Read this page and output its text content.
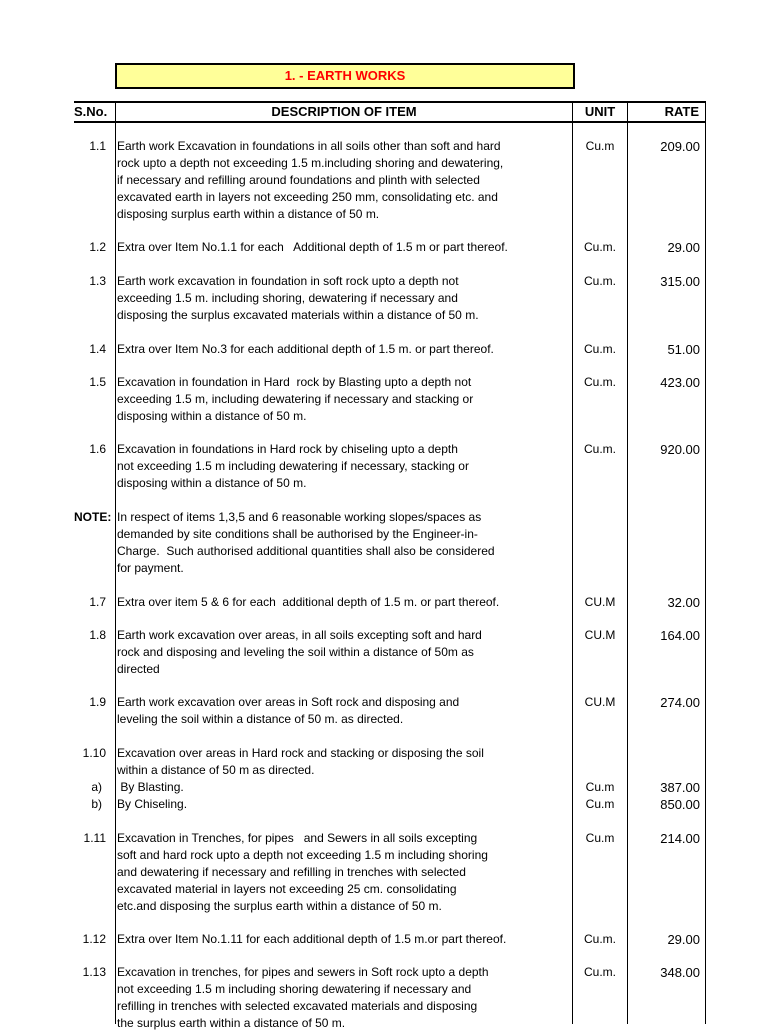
1. - EARTH WORKS
S.No.	DESCRIPTION OF ITEM	UNIT	RATE
1.1 Earth work Excavation in foundations in all soils other than soft and hard
rock upto a depth not exceeding 1.5 m.including shoring and dewatering,
if necessary and refilling around foundations and plinth with selected
excavated earth in layers not exceeding 250 mm, consolidating etc. and
disposing surplus earth within a distance of 50 m.
Cu.m	209.00
1.2 Extra over Item No.1.1 for each   Additional depth of 1.5 m or part thereof.	Cu.m.	29.00
1.3 Earth work excavation in foundation in soft rock upto a depth not
exceeding 1.5 m. including shoring, dewatering if necessary and
disposing the surplus excavated materials within a distance of 50 m.
Cu.m.	315.00
1.4 Extra over Item No.3 for each additional depth of 1.5 m. or part thereof.	Cu.m.	51.00
1.5 Excavation in foundation in Hard  rock by Blasting upto a depth not
exceeding 1.5 m, including dewatering if necessary and stacking or
disposing within a distance of 50 m.
Cu.m.	423.00
1.6 Excavation in foundations in Hard rock by chiseling upto a depth
not exceeding 1.5 m including dewatering if necessary, stacking or
disposing within a distance of 50 m.
Cu.m.	920.00
NOTE: In respect of items 1,3,5 and 6 reasonable working slopes/spaces as
demanded by site conditions shall be authorised by the Engineer-in-
Charge.  Such authorised additional quantities shall also be considered
for payment.
1.7 Extra over item 5 & 6 for each  additional depth of 1.5 m. or part thereof.	CU.M	32.00
1.8 Earth work excavation over areas, in all soils excepting soft and hard
rock and disposing and leveling the soil within a distance of 50m as
directed
CU.M	164.00
1.9 Earth work excavation over areas in Soft rock and disposing and
leveling the soil within a distance of 50 m. as directed.
CU.M	274.00
1.10 Excavation over areas in Hard rock and stacking or disposing the soil
within a distance of 50 m as directed.
a) By Blasting.	Cu.m	387.00
b) By Chiseling.	Cu.m	850.00
1.11 Excavation in Trenches, for pipes   and Sewers in all soils excepting
soft and hard rock upto a depth not exceeding 1.5 m including shoring
and dewatering if necessary and refilling in trenches with selected
excavated material in layers not exceeding 25 cm. consolidating
etc.and disposing the surplus earth within a distance of 50 m.
Cu.m	214.00
1.12 Extra over Item No.1.11 for each additional depth of 1.5 m.or part thereof.	Cu.m.	29.00
1.13 Excavation in trenches, for pipes and sewers in Soft rock upto a depth
not exceeding 1.5 m including shoring dewatering if necessary and
refilling in trenches with selected excavated materials and disposing
the surplus earth within a distance of 50 m.
Cu.m.	348.00
